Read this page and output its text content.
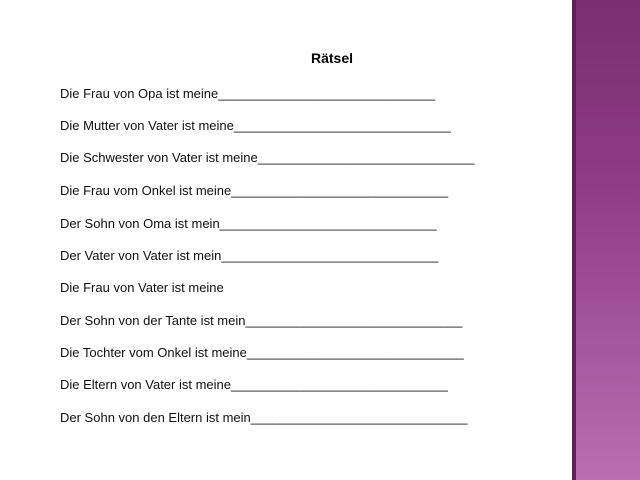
Rätsel
Die Frau von Opa ist meine______________________________
Die Mutter von Vater ist meine______________________________
Die Schwester von Vater ist meine______________________________
Die Frau vom Onkel ist meine______________________________
Der Sohn von Oma ist mein______________________________
Der Vater von Vater ist mein______________________________
Die Frau von Vater ist meine
Der Sohn von der Tante ist mein______________________________
Die Tochter vom Onkel ist meine______________________________
Die Eltern von Vater ist meine______________________________
Der Sohn von den Eltern ist mein______________________________
